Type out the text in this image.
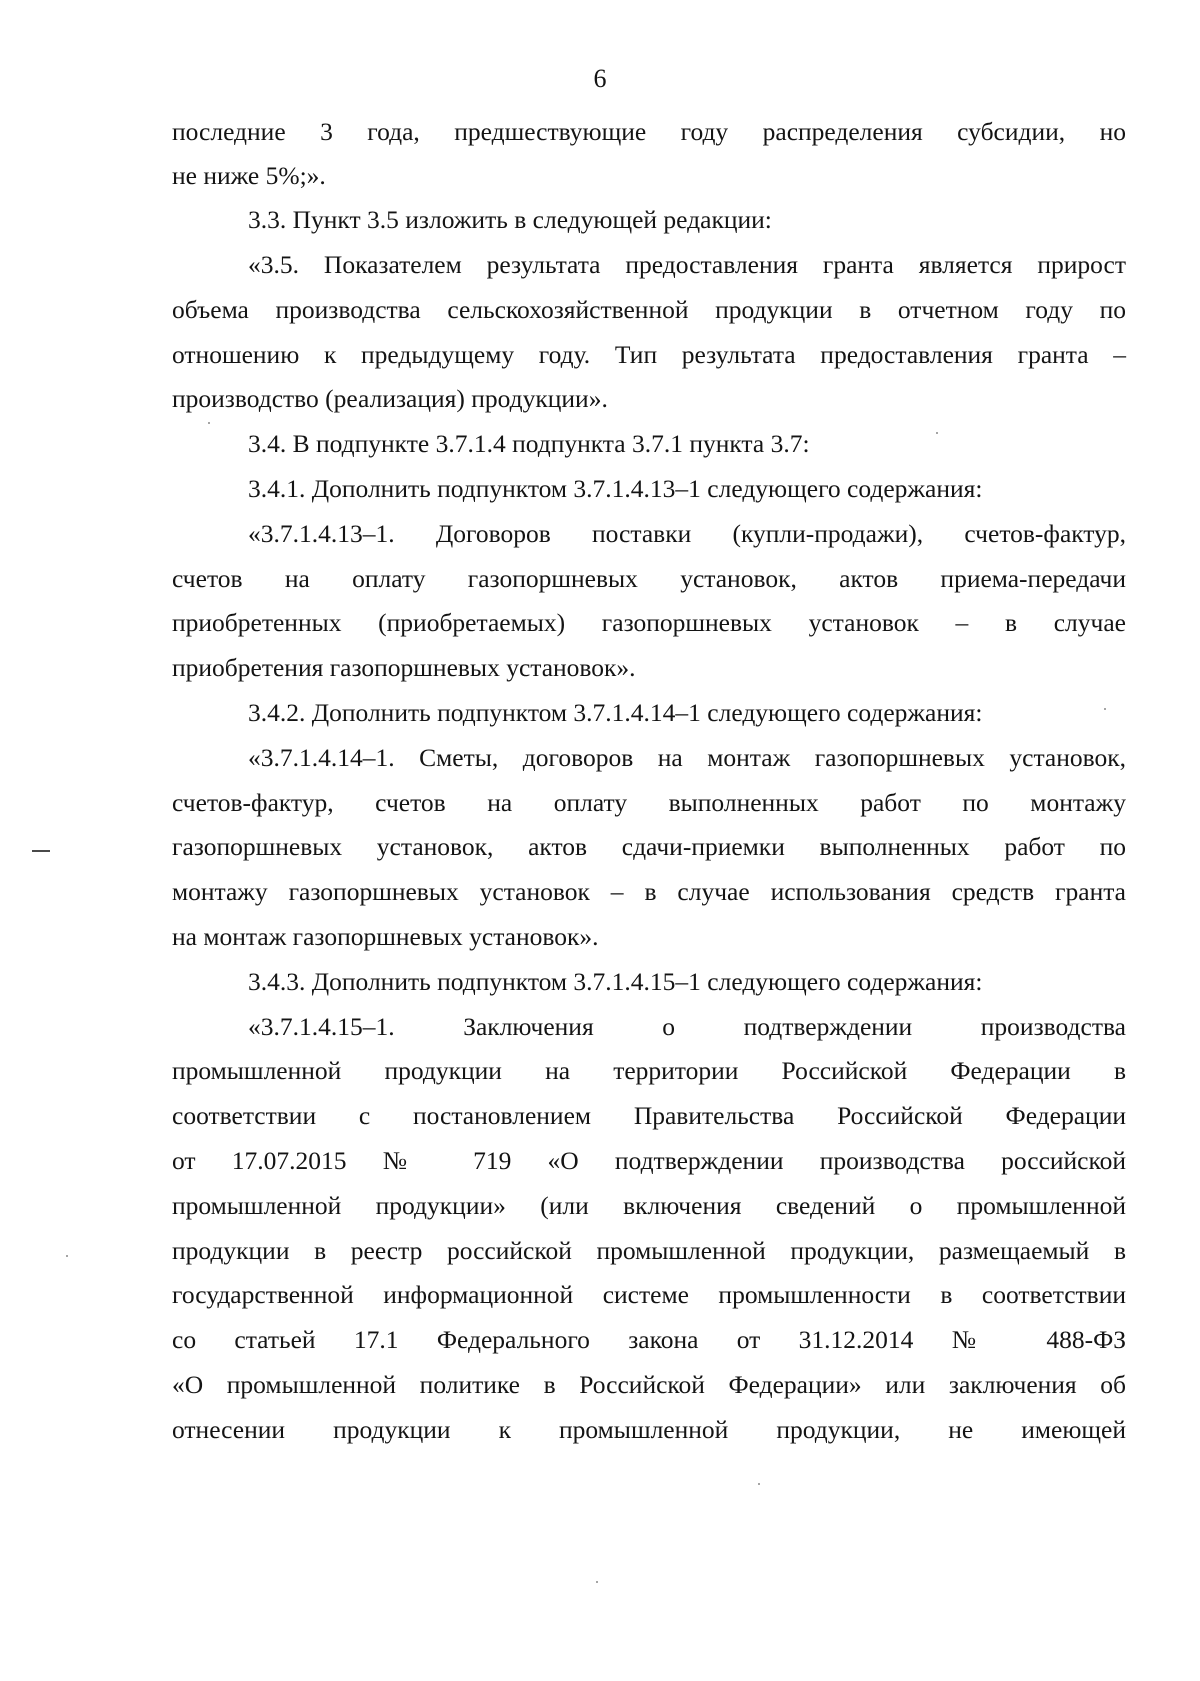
6
последние 3 года, предшествующие году распределения субсидии, но
не ниже 5%;».
3.3. Пункт 3.5 изложить в следующей редакции:
«3.5. Показателем результата предоставления гранта является прирост
объема производства сельскохозяйственной продукции в отчетном году по
отношению к предыдущему году. Тип результата предоставления гранта –
производство (реализация) продукции».
3.4. В подпункте 3.7.1.4 подпункта 3.7.1 пункта 3.7:
3.4.1. Дополнить подпунктом 3.7.1.4.13–1 следующего содержания:
«3.7.1.4.13–1. Договоров поставки (купли-продажи), счетов-фактур,
счетов на оплату газопоршневых установок, актов приема-передачи
приобретенных (приобретаемых) газопоршневых установок – в случае
приобретения газопоршневых установок».
3.4.2. Дополнить подпунктом 3.7.1.4.14–1 следующего содержания:
«3.7.1.4.14–1. Сметы, договоров на монтаж газопоршневых установок,
счетов-фактур, счетов на оплату выполненных работ по монтажу
газопоршневых установок, актов сдачи-приемки выполненных работ по
монтажу газопоршневых установок – в случае использования средств гранта
на монтаж газопоршневых установок».
3.4.3. Дополнить подпунктом 3.7.1.4.15–1 следующего содержания:
«3.7.1.4.15–1. Заключения о подтверждении производства
промышленной продукции на территории Российской Федерации в
соответствии с постановлением Правительства Российской Федерации
от 17.07.2015 № 719 «О подтверждении производства российской
промышленной продукции» (или включения сведений о промышленной
продукции в реестр российской промышленной продукции, размещаемый в
государственной информационной системе промышленности в соответствии
со статьей 17.1 Федерального закона от 31.12.2014 № 488-ФЗ
«О промышленной политике в Российской Федерации» или заключения об
отнесении продукции к промышленной продукции, не имеющей
